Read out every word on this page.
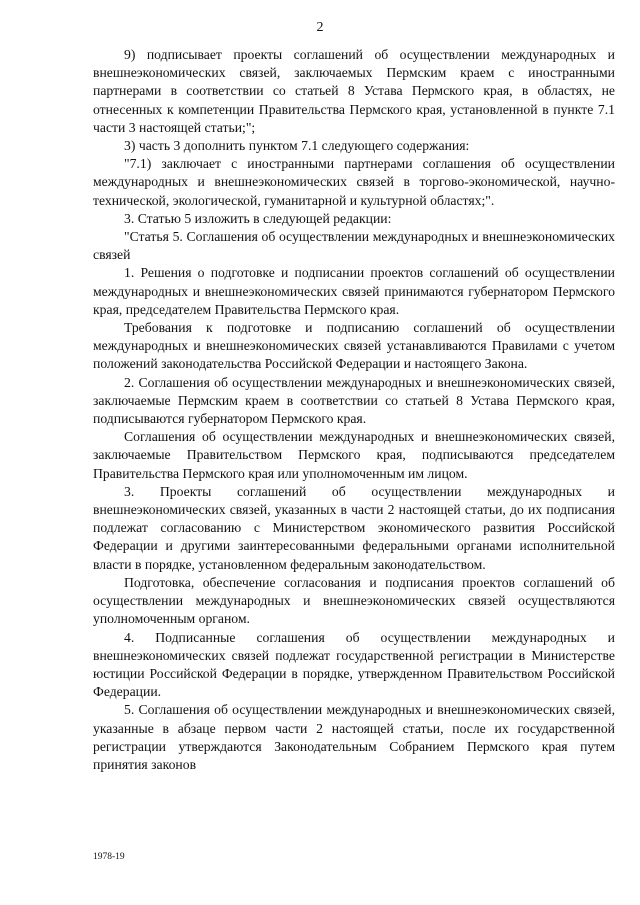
2

9) подписывает проекты соглашений об осуществлении международных и внешнеэкономических связей, заключаемых Пермским краем с иностранными партнерами в соответствии со статьей 8 Устава Пермского края, в областях, не отнесенных к компетенции Правительства Пермского края, установленной в пункте 7.1 части 3 настоящей статьи;";

3) часть 3 дополнить пунктом 7.1 следующего содержания:

"7.1) заключает с иностранными партнерами соглашения об осуществлении международных и внешнеэкономических связей в торгово-экономической, научно-технической, экологической, гуманитарной и культурной областях;".

3. Статью 5 изложить в следующей редакции:

"Статья 5. Соглашения об осуществлении международных и внешнеэкономических связей

1. Решения о подготовке и подписании проектов соглашений об осуществлении международных и внешнеэкономических связей принимаются губернатором Пермского края, председателем Правительства Пермского края.

Требования к подготовке и подписанию соглашений об осуществлении международных и внешнеэкономических связей устанавливаются Правилами с учетом положений законодательства Российской Федерации и настоящего Закона.

2. Соглашения об осуществлении международных и внешнеэкономических связей, заключаемые Пермским краем в соответствии со статьей 8 Устава Пермского края, подписываются губернатором Пермского края.

Соглашения об осуществлении международных и внешнеэкономических связей, заключаемые Правительством Пермского края, подписываются председателем Правительства Пермского края или уполномоченным им лицом.

3. Проекты соглашений об осуществлении международных и внешнеэкономических связей, указанных в части 2 настоящей статьи, до их подписания подлежат согласованию с Министерством экономического развития Российской Федерации и другими заинтересованными федеральными органами исполнительной власти в порядке, установленном федеральным законодательством.

Подготовка, обеспечение согласования и подписания проектов соглашений об осуществлении международных и внешнеэкономических связей осуществляются уполномоченным органом.

4. Подписанные соглашения об осуществлении международных и внешнеэкономических связей подлежат государственной регистрации в Министерстве юстиции Российской Федерации в порядке, утвержденном Правительством Российской Федерации.

5. Соглашения об осуществлении международных и внешнеэкономических связей, указанные в абзаце первом части 2 настоящей статьи, после их государственной регистрации утверждаются Законодательным Собранием Пермского края путем принятия законов

1978-19
